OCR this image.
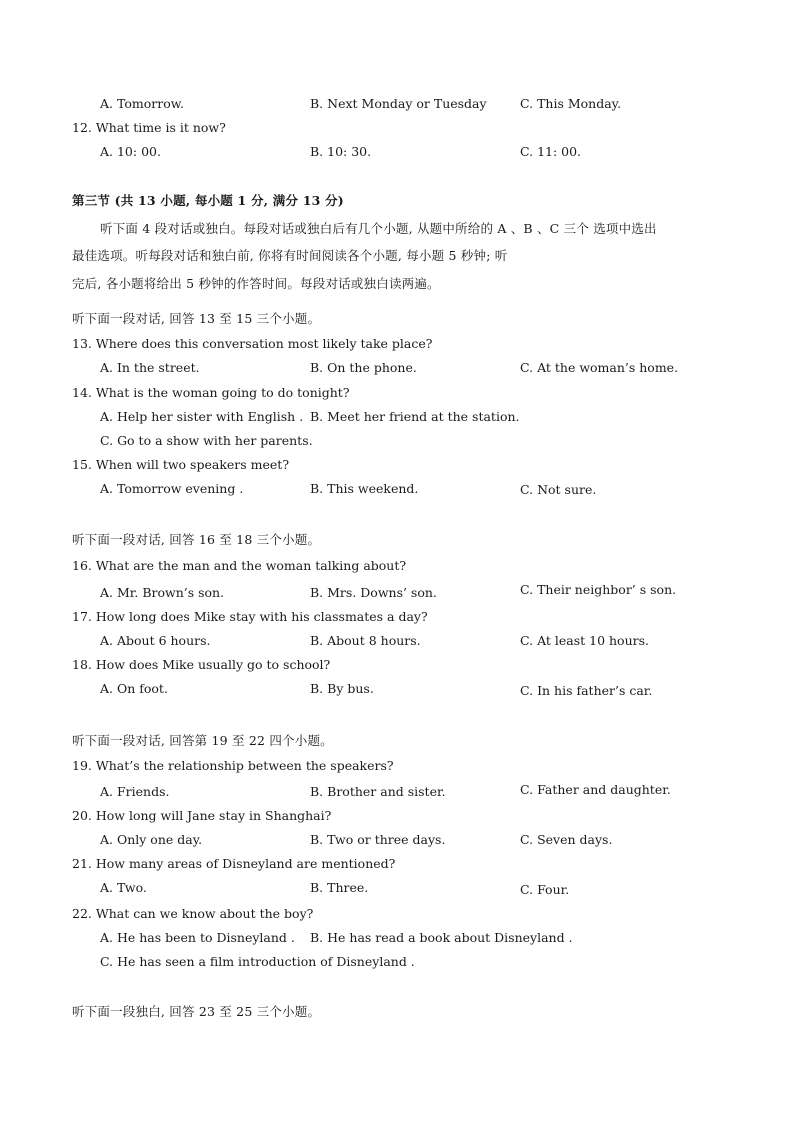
A. Tomorrow.	B. Next Monday or Tuesday	C. This Monday.
12. What time is it now?
A. 10: 00.	B. 10: 30.	C. 11: 00.
第三节 (共 13 小题, 每小题 1 分, 满分 13 分)
听下面 4 段对话或独白。每段对话或独白后有几个小题, 从题中所给的 A 、B 、C 三个 选项中选出
最佳选项。听每段对话和独白前, 你将有时间阅读各个小题, 每小题 5 秒钟; 听
完后, 各小题将给出 5 秒钟的作答时间。每段对话或独白读两遍。
听下面一段对话, 回答 13 至 15 三个小题。
13. Where does this conversation most likely take place?
A. In the street.	B. On the phone.	C. At the woman’s home.
14. What is the woman going to do tonight?
A. Help her sister with English . B. Meet her friend at the station.
C. Go to a show with her parents.
15. When will two speakers meet?
A. Tomorrow evening .	B. This weekend.	C. Not sure.
听下面一段对话, 回答 16 至 18 三个小题。
16. What are the man and the woman talking about?
A. Mr. Brown’s son.	B. Mrs. Downs’ son.	C. Their neighbor’ s son.
17. How long does Mike stay with his classmates a day?
A. About 6 hours.	B. About 8 hours.	C. At least 10 hours.
18. How does Mike usually go to school?
A. On foot.	B. By bus.	C. In his father’s car.
听下面一段对话, 回答第 19 至 22 四个小题。
19. What’s the relationship between the speakers?
A. Friends.	B. Brother and sister.	C. Father and daughter.
20. How long will Jane stay in Shanghai?
A. Only one day.	B. Two or three days.	C. Seven days.
21. How many areas of Disneyland are mentioned?
A. Two.	B. Three.	C. Four.
22. What can we know about the boy?
A. He has been to Disneyland . B. He has read a book about Disneyland .
C. He has seen a film introduction of Disneyland .
听下面一段独白, 回答 23 至 25 三个小题。
